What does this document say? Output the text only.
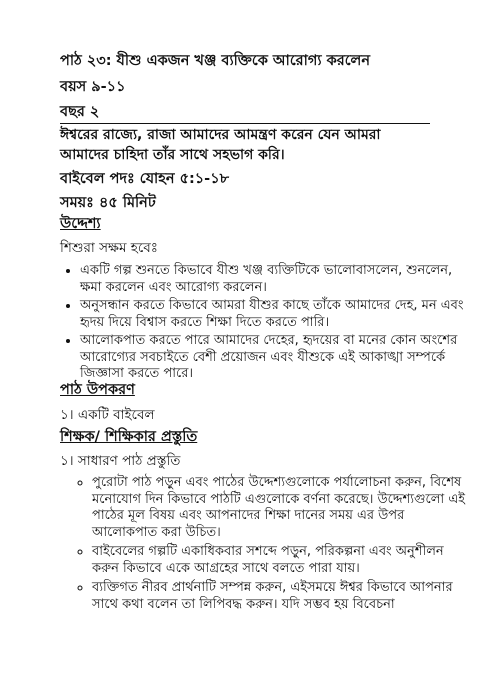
পাঠ ২৩: যীশু একজন খঞ্জ ব্যক্তিকে আরোগ্য করলেন

বয়স ৯-১১

বছর ২

ঈশ্বরের রাজ্যে, রাজা আমাদের আমন্ত্রণ করেন যেন আমরা আমাদের চাহিদা তাঁর সাথে সহভাগ করি।

বাইবেল পদঃ যোহন ৫:১-১৮

সময়ঃ ৪৫ মিনিট

উদ্দেশ্য

শিশুরা সক্ষম হবেঃ

• একটি গল্প শুনতে কিভাবে যীশু খঞ্জ ব্যক্তিটিকে ভালোবাসলেন, শুনলেন, ক্ষমা করলেন এবং আরোগ্য করলেন।
• অনুসন্ধান করতে কিভাবে আমরা যীশুর কাছে তাঁকে আমাদের দেহ, মন এবং হৃদয় দিয়ে বিশ্বাস করতে শিক্ষা দিতে করতে পারি।
• আলোকপাত করতে পারে আমাদের দেহের, হৃদয়ের বা মনের কোন অংশের আরোগ্যের সবচাইতে বেশী প্রয়োজন এবং যীশুকে এই আকাঙ্খা সম্পর্কে জিজ্ঞাসা করতে পারে।

পাঠ উপকরণ

১। একটি বাইবেল

শিক্ষক/ শিক্ষিকার প্রস্তুতি

১। সাধারণ পাঠ প্রস্তুতি

◦ পুরোটা পাঠ পড়ুন এবং পাঠের উদ্দেশ্যগুলোকে পর্যালোচনা করুন, বিশেষ মনোযোগ দিন কিভাবে পাঠটি এগুলোকে বর্ণনা করেছে। উদ্দেশ্যগুলো এই পাঠের মূল বিষয় এবং আপনাদের শিক্ষা দানের সময় এর উপর আলোকপাত করা উচিত।
◦ বাইবেলের গল্পটি একাধিকবার সশব্দে পড়ুন, পরিকল্পনা এবং অনুশীলন করুন কিভাবে একে আগ্রহের সাথে বলতে পারা যায়।
◦ ব্যক্তিগত নীরব প্রার্থনাটি সম্পন্ন করুন, এইসময়ে ঈশ্বর কিভাবে আপনার সাথে কথা বলেন তা লিপিবদ্ধ করুন। যদি সম্ভব হয় বিবেচনা
